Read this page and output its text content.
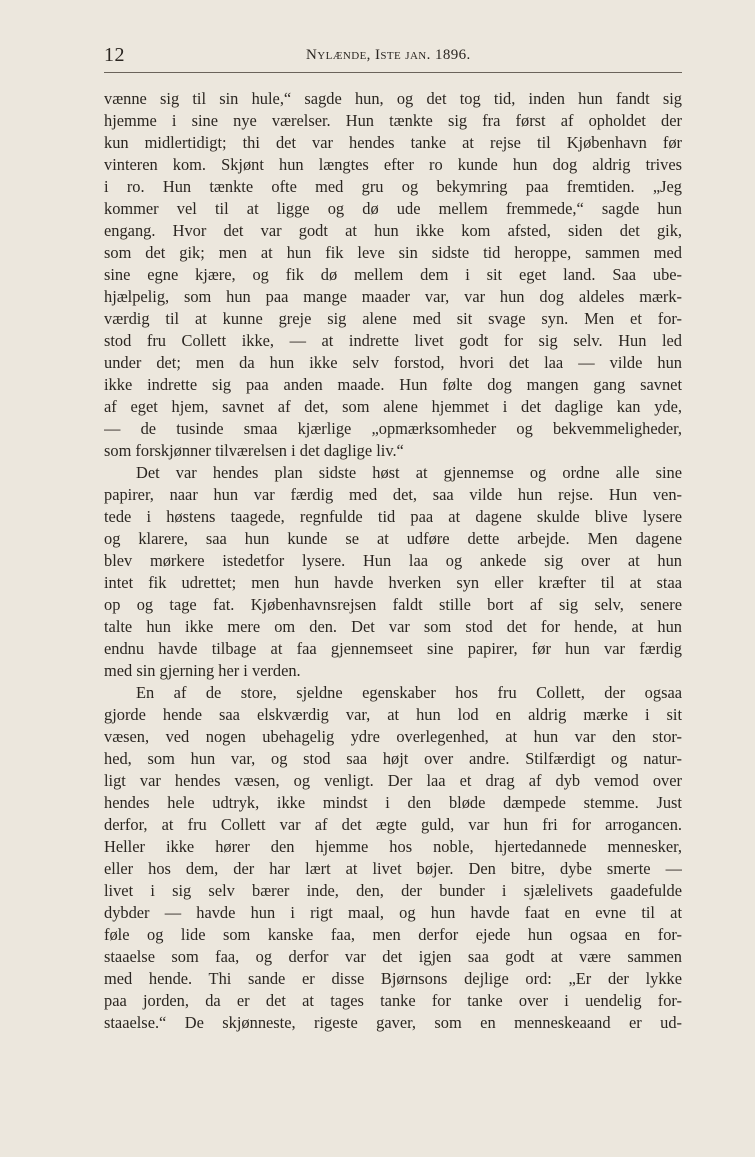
12	Nylænde, Iste jan. 1896.
vænne sig til sin hule,“ sagde hun, og det tog tid, inden hun fandt sig
hjemme i sine nye værelser. Hun tænkte sig fra først af opholdet der
kun midlertidigt; thi det var hendes tanke at rejse til Kjøbenhavn før
vinteren kom. Skjønt hun længtes efter ro kunde hun dog aldrig trives
i ro. Hun tænkte ofte med gru og bekymring paa fremtiden. „Jeg
kommer vel til at ligge og dø ude mellem fremmede,“ sagde hun
engang. Hvor det var godt at hun ikke kom afsted, siden det gik,
som det gik; men at hun fik leve sin sidste tid heroppe, sammen med
sine egne kjære, og fik dø mellem dem i sit eget land. Saa ube-
hjælpelig, som hun paa mange maader var, var hun dog aldeles mærk-
værdig til at kunne greje sig alene med sit svage syn. Men et for-
stod fru Collett ikke, — at indrette livet godt for sig selv. Hun led
under det; men da hun ikke selv forstod, hvori det laa — vilde hun
ikke indrette sig paa anden maade. Hun følte dog mangen gang savnet
af eget hjem, savnet af det, som alene hjemmet i det daglige kan yde,
— de tusinde smaa kjærlige „opmærksomheder og bekvemmeligheder,
som forskjønner tilværelsen i det daglige liv.“
Det var hendes plan sidste høst at gjennemse og ordne alle sine
papirer, naar hun var færdig med det, saa vilde hun rejse. Hun ven-
tede i høstens taagede, regnfulde tid paa at dagene skulde blive lysere
og klarere, saa hun kunde se at udføre dette arbejde. Men dagene
blev mørkere istedetfor lysere. Hun laa og ankede sig over at hun
intet fik udrettet; men hun havde hverken syn eller kræfter til at staa
op og tage fat. Kjøbenhavnsrejsen faldt stille bort af sig selv, senere
talte hun ikke mere om den. Det var som stod det for hende, at hun
endnu havde tilbage at faa gjennemseet sine papirer, før hun var færdig
med sin gjerning her i verden.
En af de store, sjeldne egenskaber hos fru Collett, der ogsaa
gjorde hende saa elskværdig var, at hun lod en aldrig mærke i sit
væsen, ved nogen ubehagelig ydre overlegenhed, at hun var den stor-
hed, som hun var, og stod saa højt over andre. Stilfærdigt og natur-
ligt var hendes væsen, og venligt. Der laa et drag af dyb vemod over
hendes hele udtryk, ikke mindst i den bløde dæmpede stemme. Just
derfor, at fru Collett var af det ægte guld, var hun fri for arrogancen.
Heller ikke hører den hjemme hos noble, hjertedannede mennesker,
eller hos dem, der har lært at livet bøjer. Den bitre, dybe smerte —
livet i sig selv bærer inde, den, der bunder i sjælelivets gaadefulde
dybder — havde hun i rigt maal, og hun havde faat en evne til at
føle og lide som kanske faa, men derfor ejede hun ogsaa en for-
staaelse som faa, og derfor var det igjen saa godt at være sammen
med hende. Thi sande er disse Bjørnsons dejlige ord: „Er der lykke
paa jorden, da er det at tages tanke for tanke over i uendelig for-
staaelse.“ De skjønneste, rigeste gaver, som en menneskeaand er ud-
